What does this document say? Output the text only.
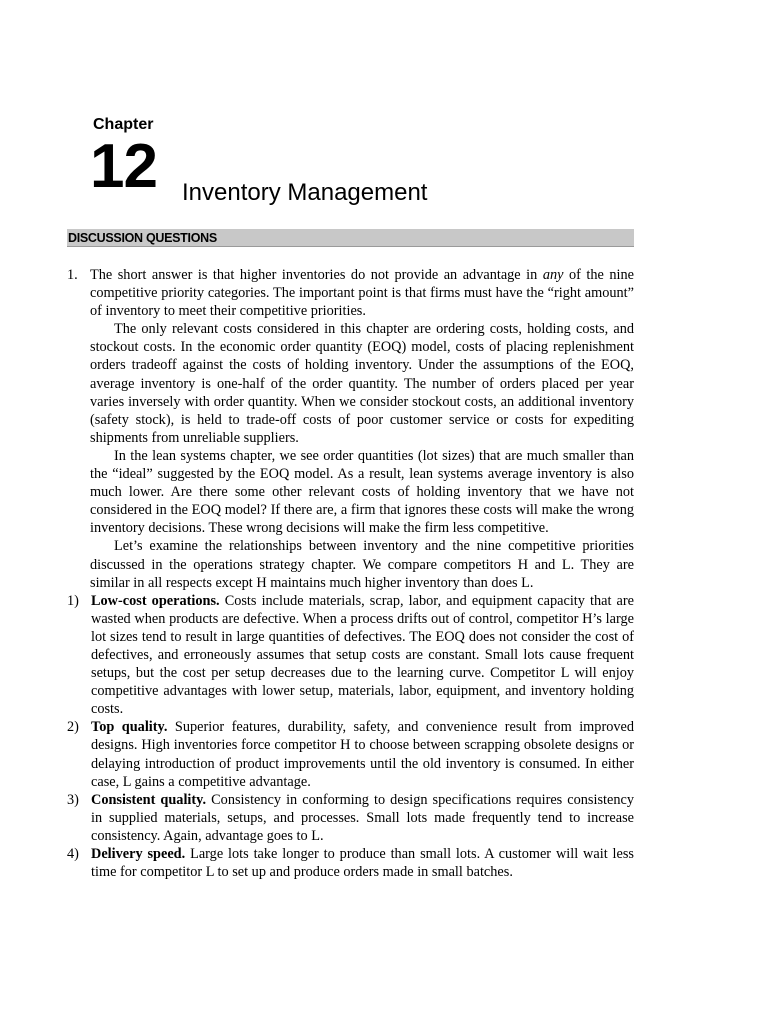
Chapter
12 Inventory Management
DISCUSSION QUESTIONS
1. The short answer is that higher inventories do not provide an advantage in any of the nine competitive priority categories. The important point is that firms must have the “right amount” of inventory to meet their competitive priorities.

The only relevant costs considered in this chapter are ordering costs, holding costs, and stockout costs. In the economic order quantity (EOQ) model, costs of placing replenishment orders tradeoff against the costs of holding inventory. Under the assumptions of the EOQ, average inventory is one-half of the order quantity. The number of orders placed per year varies inversely with order quantity. When we consider stockout costs, an additional inventory (safety stock), is held to trade-off costs of poor customer service or costs for expediting shipments from unreliable suppliers.

In the lean systems chapter, we see order quantities (lot sizes) that are much smaller than the “ideal” suggested by the EOQ model. As a result, lean systems average inventory is also much lower. Are there some other relevant costs of holding inventory that we have not considered in the EOQ model? If there are, a firm that ignores these costs will make the wrong inventory decisions. These wrong decisions will make the firm less competitive.

Let’s examine the relationships between inventory and the nine competitive priorities discussed in the operations strategy chapter. We compare competitors H and L. They are similar in all respects except H maintains much higher inventory than does L.

1) Low-cost operations. Costs include materials, scrap, labor, and equipment capacity that are wasted when products are defective. When a process drifts out of control, competitor H’s large lot sizes tend to result in large quantities of defectives. The EOQ does not consider the cost of defectives, and erroneously assumes that setup costs are constant. Small lots cause frequent setups, but the cost per setup decreases due to the learning curve. Competitor L will enjoy competitive advantages with lower setup, materials, labor, equipment, and inventory holding costs.
2) Top quality. Superior features, durability, safety, and convenience result from improved designs. High inventories force competitor H to choose between scrapping obsolete designs or delaying introduction of product improvements until the old inventory is consumed. In either case, L gains a competitive advantage.
3) Consistent quality. Consistency in conforming to design specifications requires consistency in supplied materials, setups, and processes. Small lots made frequently tend to increase consistency. Again, advantage goes to L.
4) Delivery speed. Large lots take longer to produce than small lots. A customer will wait less time for competitor L to set up and produce orders made in small batches.
